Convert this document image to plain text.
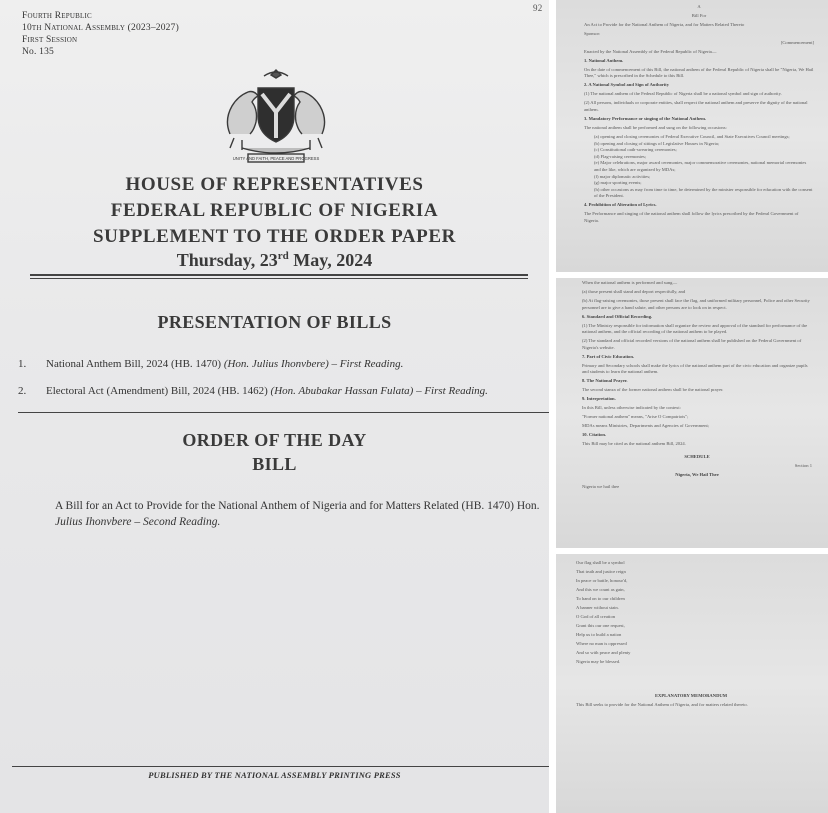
92
Fourth Republic
10th National Assembly (2023–2027)
First Session
No. 135
UNITY AND FAITH, PEACE AND PROGRESS
HOUSE OF REPRESENTATIVES
FEDERAL REPUBLIC OF NIGERIA
SUPPLEMENT TO THE ORDER PAPER
Thursday, 23rd May, 2024
PRESENTATION OF BILLS
1. National Anthem Bill, 2024 (HB. 1470) (Hon. Julius Ihonvbere) – First Reading.
2. Electoral Act (Amendment) Bill, 2024 (HB. 1462) (Hon. Abubakar Hassan Fulata) – First Reading.
ORDER OF THE DAY
BILL
A Bill for an Act to Provide for the National Anthem of Nigeria and for Matters Related (HB. 1470) Hon.
Julius Ihonvbere – Second Reading.
PUBLISHED BY THE NATIONAL ASSEMBLY PRINTING PRESS

A

Bill For

An Act to Provide for the National Anthem of Nigeria, and for Matters Related Thereto

Sponsor:

[Commencement]

Enacted by the National Assembly of the Federal Republic of Nigeria—

1. National Anthem.

On the date of commencement of this Bill, the national anthem of the Federal Republic of Nigeria shall be "Nigeria, We Hail Thee," which is prescribed in the Schedule to this Bill.

2. A National Symbol and Sign of Authority

(1) The national anthem of the Federal Republic of Nigeria shall be a national symbol and sign of authority.

(2) All persons, individuals or corporate entities, shall respect the national anthem and preserve the dignity of the national anthem.

3. Mandatory Performance or singing of the National Anthem.

The national anthem shall be performed and sung on the following occasions:

(a) opening and closing ceremonies of Federal Executive Council, and State Executives Council meetings;
(b) opening and closing of sittings of Legislative Houses in Nigeria;
(c) Constitutional oath-swearing ceremonies;
(d) Flag-raising ceremonies;
(e) Major celebrations, major award ceremonies, major commemorative ceremonies, national memorial ceremonies and the like, which are organized by MDAs;
(f) major diplomatic activities;
(g) major sporting events;
(h) other occasions as may from time to time, be determined by the minister responsible for education with the consent of the President.

4. Prohibition of Alteration of Lyrics.

The Performance and singing of the national anthem shall follow the lyrics prescribed by the Federal Government of Nigeria.

When the national anthem is performed and sung—

(a) those present shall stand and deport respectfully, and

(b) At flag-raising ceremonies, those present shall face the flag, and uniformed military personnel, Police and other Security personnel are to give a hand salute, and other persons are to look on in respect.

6. Standard and Official Recording.

(1) The Ministry responsible for information shall organize the review and approval of the standard for performance of the national anthem, and the official recording of the national anthem to be played.

(2) The standard and official recorded versions of the national anthem shall be published on the Federal Government of Nigeria's website.

7. Part of Civic Education.

Primary and Secondary schools shall make the lyrics of the national anthem part of the civic education and organize pupils and students to learn the national anthem.

8. The National Prayer.

The second stanza of the former national anthem shall be the national prayer.

9. Interpretation.

In this Bill, unless otherwise indicated by the context:

"Former national anthem" means, "Arise O Compatriots";

MDAs means Ministries, Departments and Agencies of Government;

10. Citation.

This Bill may be cited as the national anthem Bill, 2024.

SCHEDULE

Section 1

Nigeria, We Hail Thee

Nigeria we hail thee

Our flag shall be a symbol

That truth and justice reign

In peace or battle, honour'd,

And this we count as gain,

To hand on to our children

A banner without stain.

O God of all creation

Grant this our one request,

Help us to build a nation

Where no man is oppressed

And so with peace and plenty

Nigeria may be blessed.

EXPLANATORY MEMORANDUM

This Bill seeks to provide for the National Anthem of Nigeria, and for matters related thereto.
